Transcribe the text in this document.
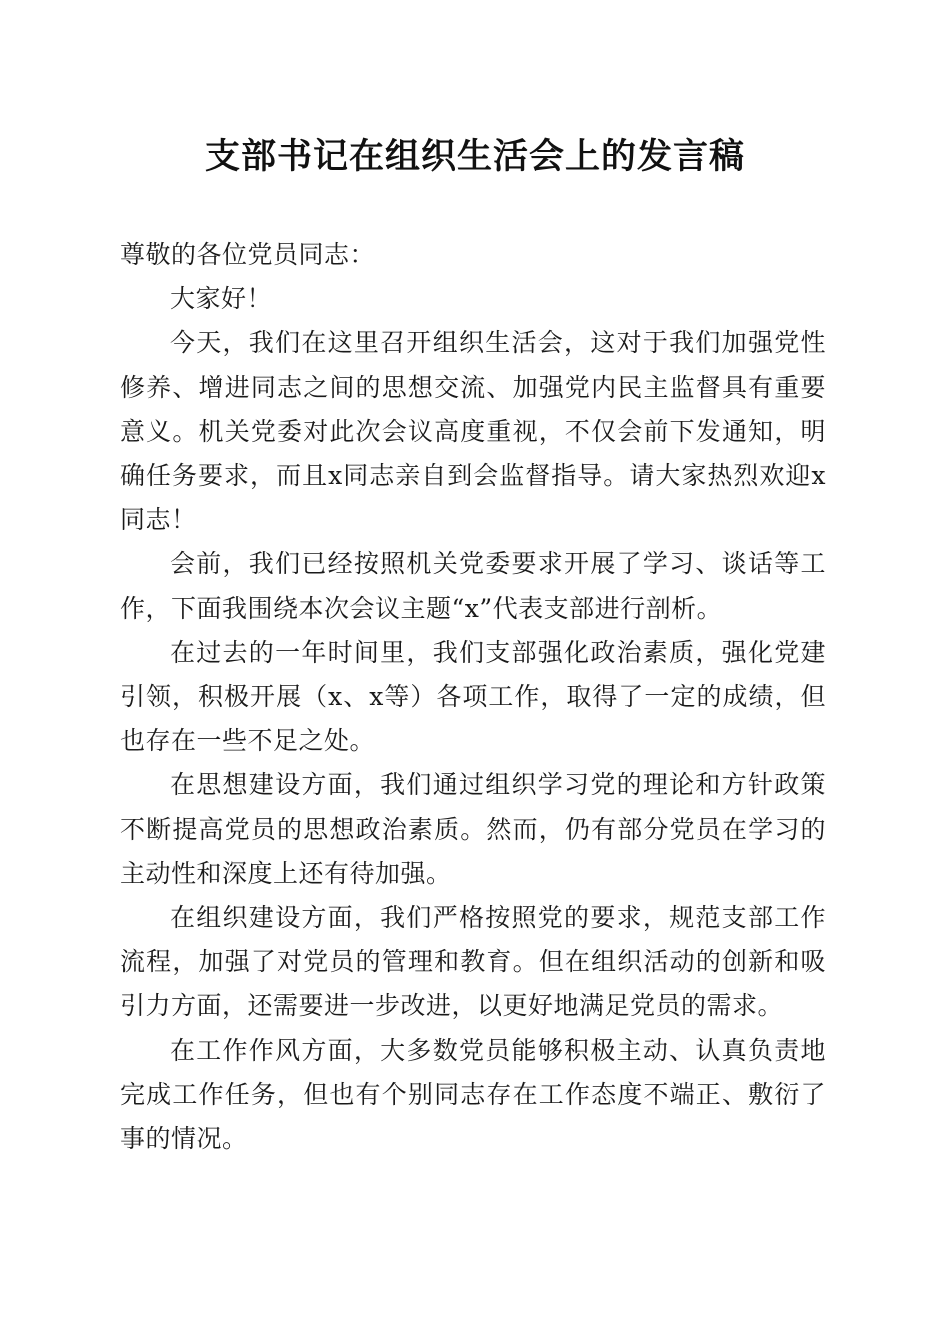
支部书记在组织生活会上的发言稿

尊敬的各位党员同志：

大家好！

今天，我们在这里召开组织生活会，这对于我们加强党性修养、增进同志之间的思想交流、加强党内民主监督具有重要意义。机关党委对此次会议高度重视，不仅会前下发通知，明确任务要求，而且x同志亲自到会监督指导。请大家热烈欢迎x同志！

会前，我们已经按照机关党委要求开展了学习、谈话等工作，下面我围绕本次会议主题“x”代表支部进行剖析。

在过去的一年时间里，我们支部强化政治素质，强化党建引领，积极开展（x、x等）各项工作，取得了一定的成绩，但也存在一些不足之处。

在思想建设方面，我们通过组织学习党的理论和方针政策不断提高党员的思想政治素质。然而，仍有部分党员在学习的主动性和深度上还有待加强。

在组织建设方面，我们严格按照党的要求，规范支部工作流程，加强了对党员的管理和教育。但在组织活动的创新和吸引力方面，还需要进一步改进，以更好地满足党员的需求。

在工作作风方面，大多数党员能够积极主动、认真负责地完成工作任务，但也有个别同志存在工作态度不端正、敷衍了事的情况。
